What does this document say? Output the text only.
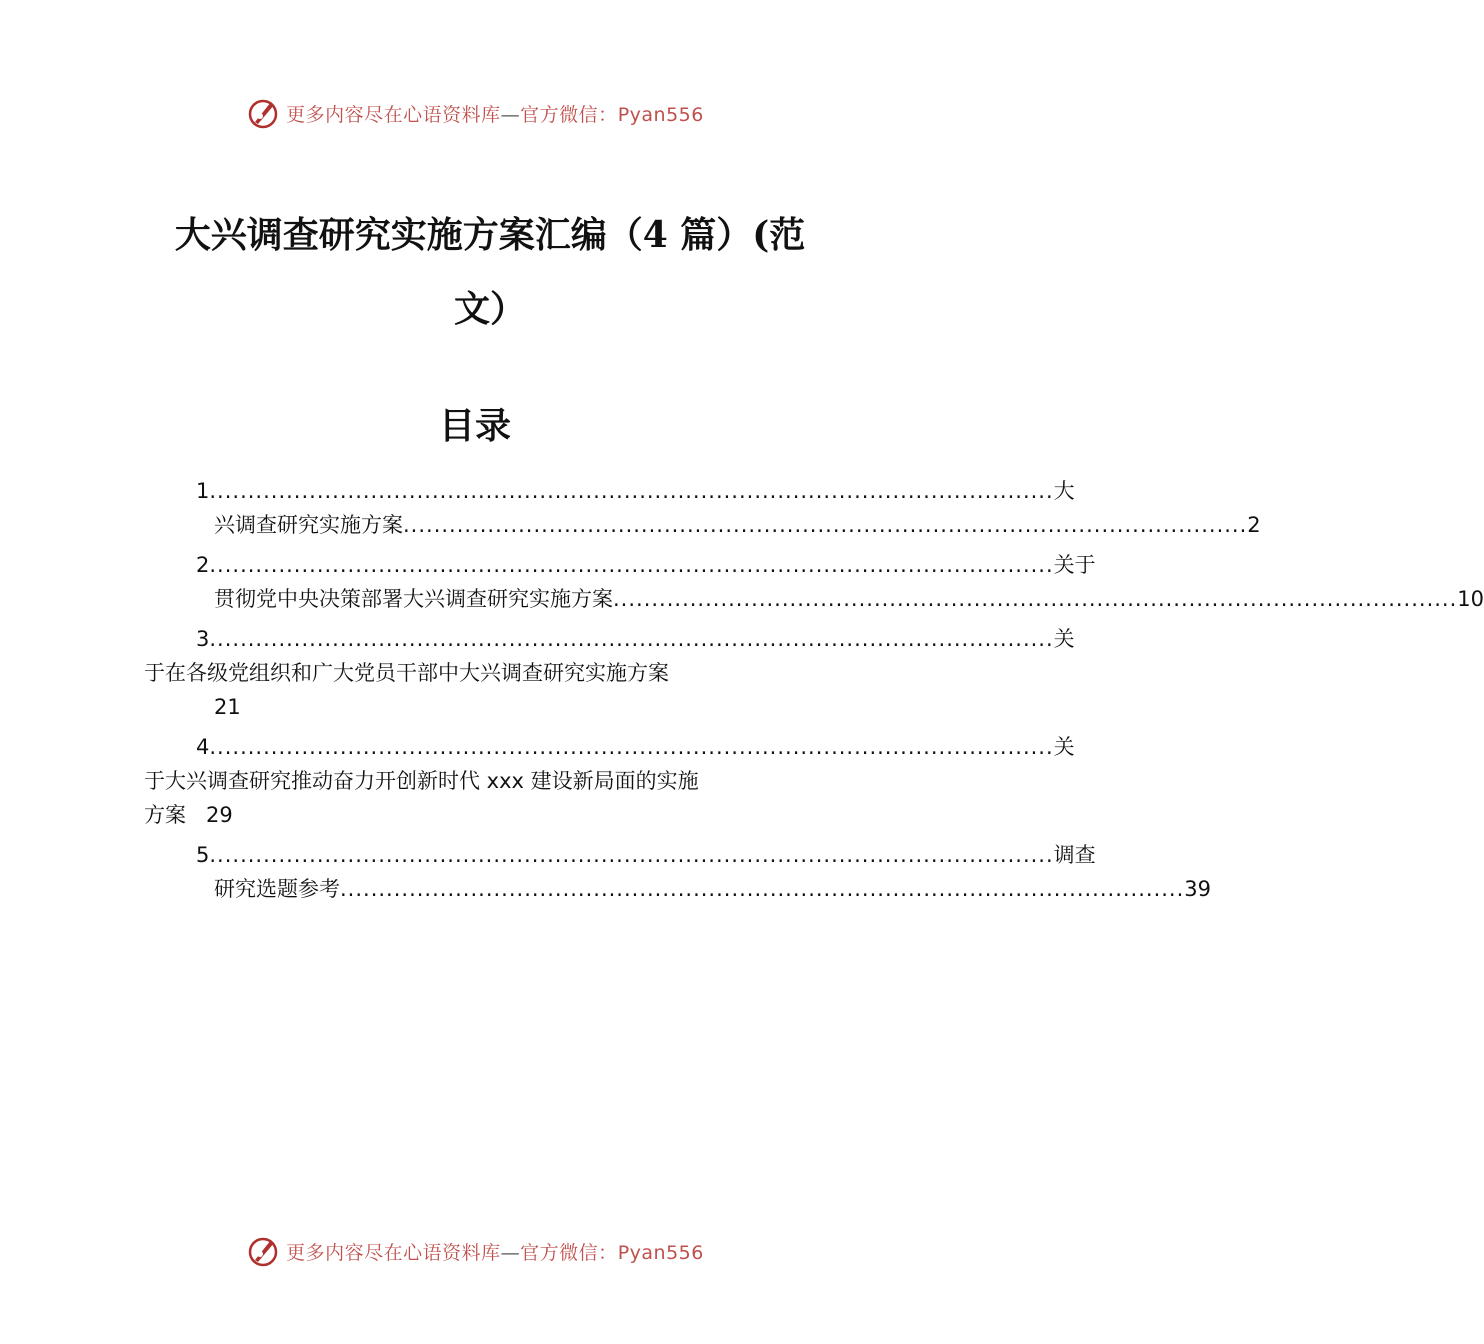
更多内容尽在心语资料库—官方微信：Pyan556
大兴调查研究实施方案汇编（4 篇）(范
文）
目录
1 .............................................................................................................. 大
兴调查研究实施方案 .............................................................................................................. 2
2 .............................................................................................................. 关于
贯彻党中央决策部署大兴调查研究实施方案 .............................................................................................................. 10
3 .............................................................................................................. 关
于在各级党组织和广大党员干部中大兴调查研究实施方案
21
4 .............................................................................................................. 关
于大兴调查研究推动奋力开创新时代 xxx 建设新局面的实施
方案 29
5 .............................................................................................................. 调查
研究选题参考 .............................................................................................................. 39
更多内容尽在心语资料库—官方微信：Pyan556
